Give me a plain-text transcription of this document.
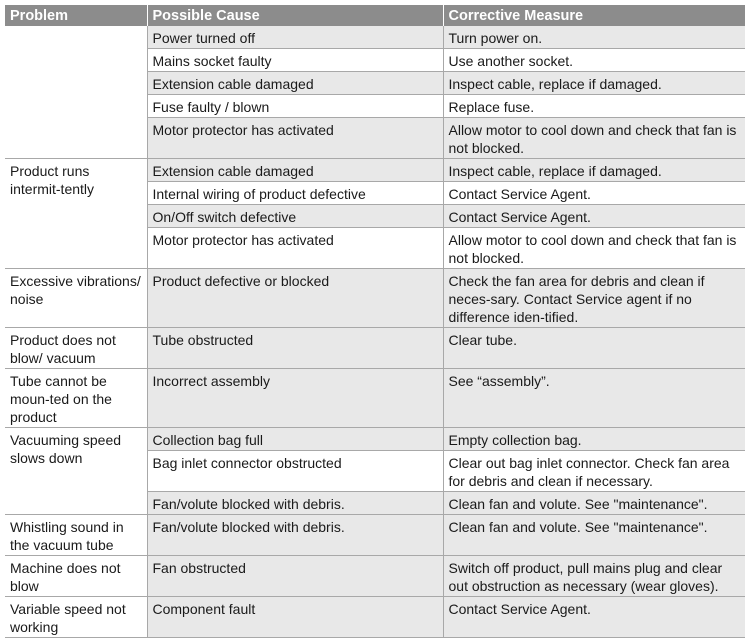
Problem	Possible Cause	Corrective Measure
	Power turned off	Turn power on.
	Mains socket faulty	Use another socket.
	Extension cable damaged	Inspect cable, replace if damaged.
	Fuse faulty / blown	Replace fuse.
	Motor protector has activated	Allow motor to cool down and check that fan is not blocked.
Product runs intermit-tently	Extension cable damaged	Inspect cable, replace if damaged.
	Internal wiring of product defective	Contact Service Agent.
	On/Off switch defective	Contact Service Agent.
	Motor protector has activated	Allow motor to cool down and check that fan is not blocked.
Excessive vibrations/ noise	Product defective or blocked	Check the fan area for debris and clean if neces-sary. Contact Service agent if no difference iden-tified.
Product does not blow/ vacuum	Tube obstructed	Clear tube.
Tube cannot be moun-ted on the product	Incorrect assembly	See “assembly”.
Vacuuming speed slows down	Collection bag full	Empty collection bag.
	Bag inlet connector obstructed	Clear out bag inlet connector. Check fan area for debris and clean if necessary.
	Fan/volute blocked with debris.	Clean fan and volute. See "maintenance".
Whistling sound in the vacuum tube	Fan/volute blocked with debris.	Clean fan and volute. See "maintenance".
Machine does not blow	Fan obstructed	Switch off product, pull mains plug and clear out obstruction as necessary (wear gloves).
Variable speed not working	Component fault	Contact Service Agent.
